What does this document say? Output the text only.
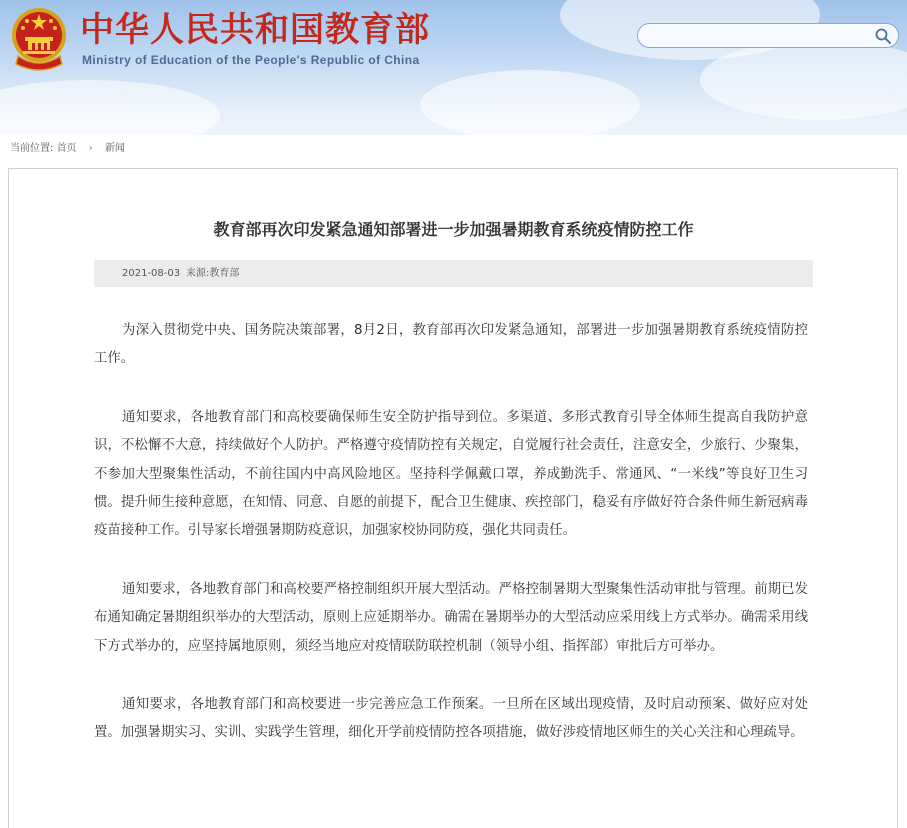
中华人民共和国教育部
Ministry of Education of the People's Republic of China
当前位置: 首页 › 新闻
教育部再次印发紧急通知部署进一步加强暑期教育系统疫情防控工作
2021-08-03 来源:教育部

为深入贯彻党中央、国务院决策部署，8月2日，教育部再次印发紧急通知，部署进一步加强暑期教育系统疫情防控工作。

通知要求，各地教育部门和高校要确保师生安全防护指导到位。多渠道、多形式教育引导全体师生提高自我防护意识，不松懈不大意，持续做好个人防护。严格遵守疫情防控有关规定，自觉履行社会责任，注意安全，少旅行、少聚集，不参加大型聚集性活动，不前往国内中高风险地区。坚持科学佩戴口罩，养成勤洗手、常通风、“一米线”等良好卫生习惯。提升师生接种意愿，在知情、同意、自愿的前提下，配合卫生健康、疾控部门，稳妥有序做好符合条件师生新冠病毒疫苗接种工作。引导家长增强暑期防疫意识，加强家校协同防疫，强化共同责任。

通知要求，各地教育部门和高校要严格控制组织开展大型活动。严格控制暑期大型聚集性活动审批与管理。前期已发布通知确定暑期组织举办的大型活动，原则上应延期举办。确需在暑期举办的大型活动应采用线上方式举办。确需采用线下方式举办的，应坚持属地原则，须经当地应对疫情联防联控机制（领导小组、指挥部）审批后方可举办。

通知要求，各地教育部门和高校要进一步完善应急工作预案。一旦所在区域出现疫情，及时启动预案、做好应对处置。加强暑期实习、实训、实践学生管理，细化开学前疫情防控各项措施，做好涉疫情地区师生的关心关注和心理疏导。
